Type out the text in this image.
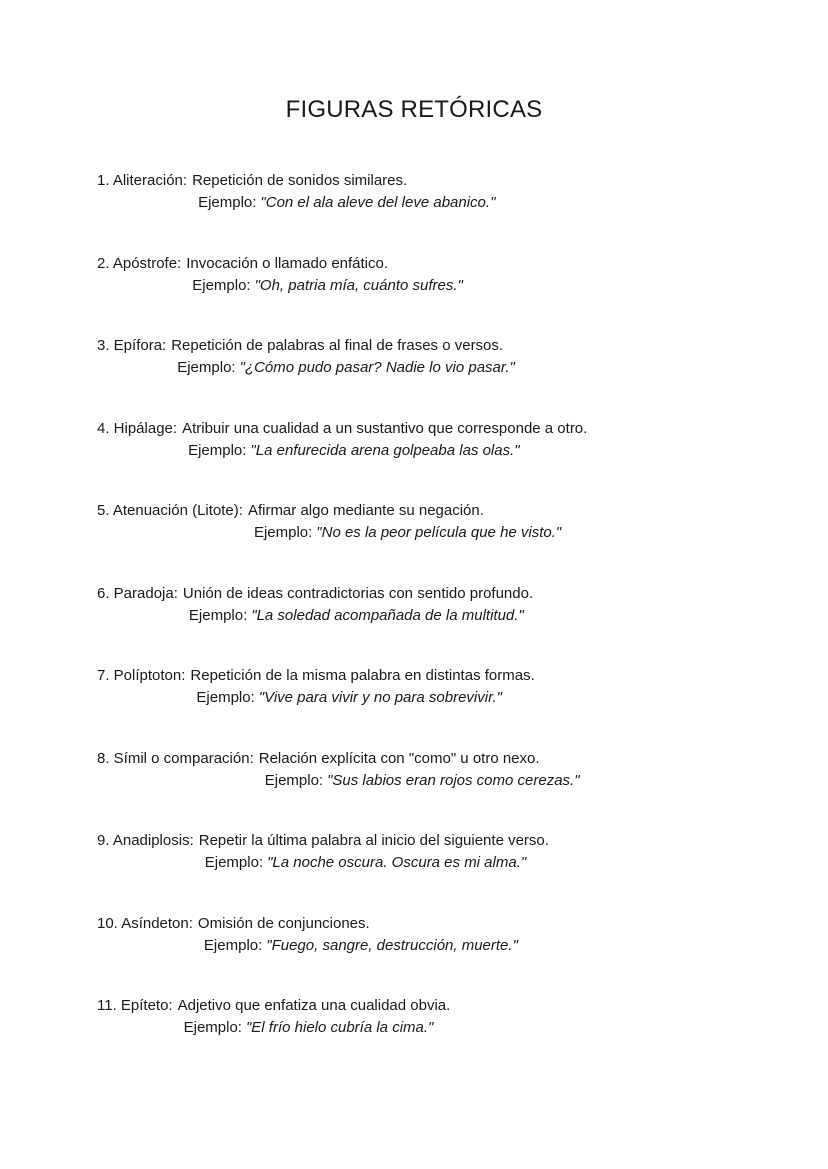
FIGURAS RETÓRICAS
1. Aliteración: Repetición de sonidos similares.
Ejemplo: "Con el ala aleve del leve abanico."
2. Apóstrofe: Invocación o llamado enfático.
Ejemplo: "Oh, patria mía, cuánto sufres."
3. Epífora: Repetición de palabras al final de frases o versos.
Ejemplo: "¿Cómo pudo pasar? Nadie lo vio pasar."
4. Hipálage: Atribuir una cualidad a un sustantivo que corresponde a otro.
Ejemplo: "La enfurecida arena golpeaba las olas."
5. Atenuación (Litote): Afirmar algo mediante su negación.
Ejemplo: "No es la peor película que he visto."
6. Paradoja: Unión de ideas contradictorias con sentido profundo.
Ejemplo: "La soledad acompañada de la multitud."
7. Políptoton: Repetición de la misma palabra en distintas formas.
Ejemplo: "Vive para vivir y no para sobrevivir."
8. Símil o comparación: Relación explícita con "como" u otro nexo.
Ejemplo: "Sus labios eran rojos como cerezas."
9. Anadiplosis: Repetir la última palabra al inicio del siguiente verso.
Ejemplo: "La noche oscura. Oscura es mi alma."
10. Asíndeton: Omisión de conjunciones.
Ejemplo: "Fuego, sangre, destrucción, muerte."
11. Epíteto: Adjetivo que enfatiza una cualidad obvia.
Ejemplo: "El frío hielo cubría la cima."
